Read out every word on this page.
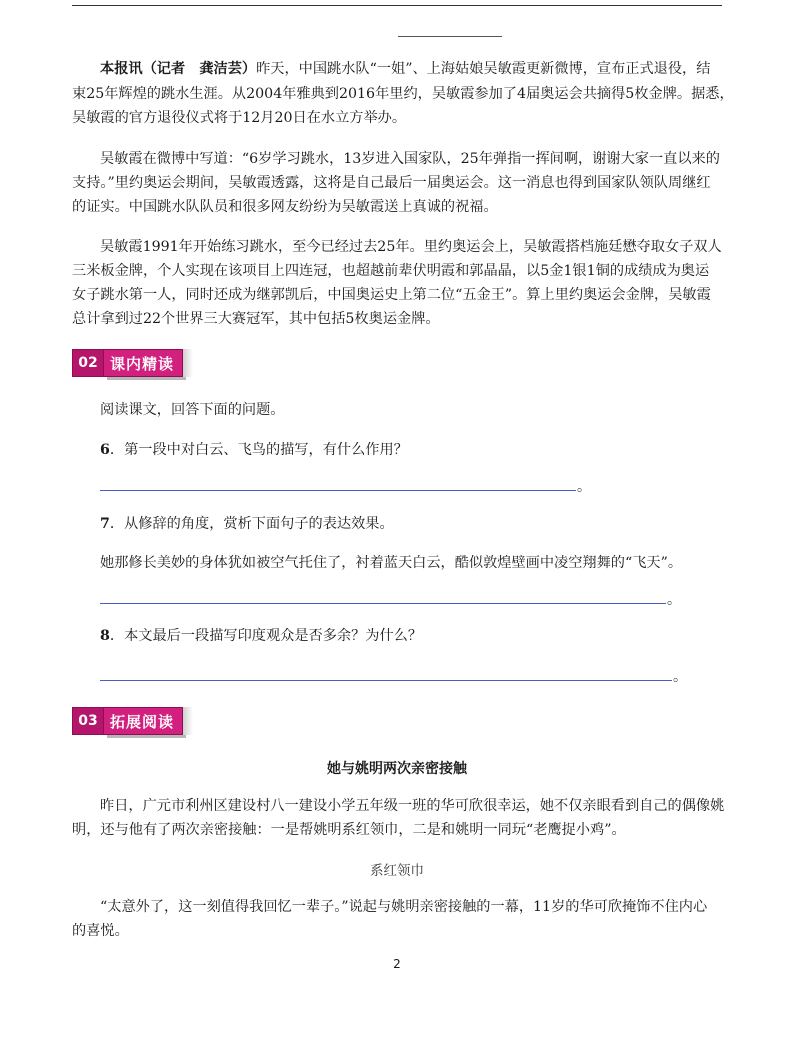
本报讯（记者　龚洁芸）昨天，中国跳水队“一姐”、上海姑娘吴敏霞更新微博，宣布正式退役，结
束25年辉煌的跳水生涯。从2004年雅典到2016年里约，吴敏霞参加了4届奥运会共摘得5枚金牌。据悉，
吴敏霞的官方退役仪式将于12月20日在水立方举办。
吴敏霞在微博中写道：“6岁学习跳水，13岁进入国家队，25年弹指一挥间啊，谢谢大家一直以来的
支持。”里约奥运会期间，吴敏霞透露，这将是自己最后一届奥运会。这一消息也得到国家队领队周继红
的证实。中国跳水队队员和很多网友纷纷为吴敏霞送上真诚的祝福。
吴敏霞1991年开始练习跳水，至今已经过去25年。里约奥运会上，吴敏霞搭档施廷懋夺取女子双人
三米板金牌，个人实现在该项目上四连冠，也超越前辈伏明霞和郭晶晶，以5金1银1铜的成绩成为奥运
女子跳水第一人，同时还成为继郭凯后，中国奥运史上第二位“五金王”。算上里约奥运会金牌，吴敏霞
总计拿到过22个世界三大赛冠军，其中包括5枚奥运金牌。
02 课内精读
阅读课文，回答下面的问题。
6．第一段中对白云、飞鸟的描写，有什么作用？
。
7．从修辞的角度，赏析下面句子的表达效果。
她那修长美妙的身体犹如被空气托住了，衬着蓝天白云，酷似敦煌壁画中凌空翔舞的“飞天”。
。
8．本文最后一段描写印度观众是否多余？为什么？
。
03 拓展阅读
她与姚明两次亲密接触
昨日，广元市利州区建设村八一建设小学五年级一班的华可欣很幸运，她不仅亲眼看到自己的偶像姚
明，还与他有了两次亲密接触：一是帮姚明系红领巾，二是和姚明一同玩“老鹰捉小鸡”。
系红领巾
“太意外了，这一刻值得我回忆一辈子。”说起与姚明亲密接触的一幕，11岁的华可欣掩饰不住内心
的喜悦。
2
